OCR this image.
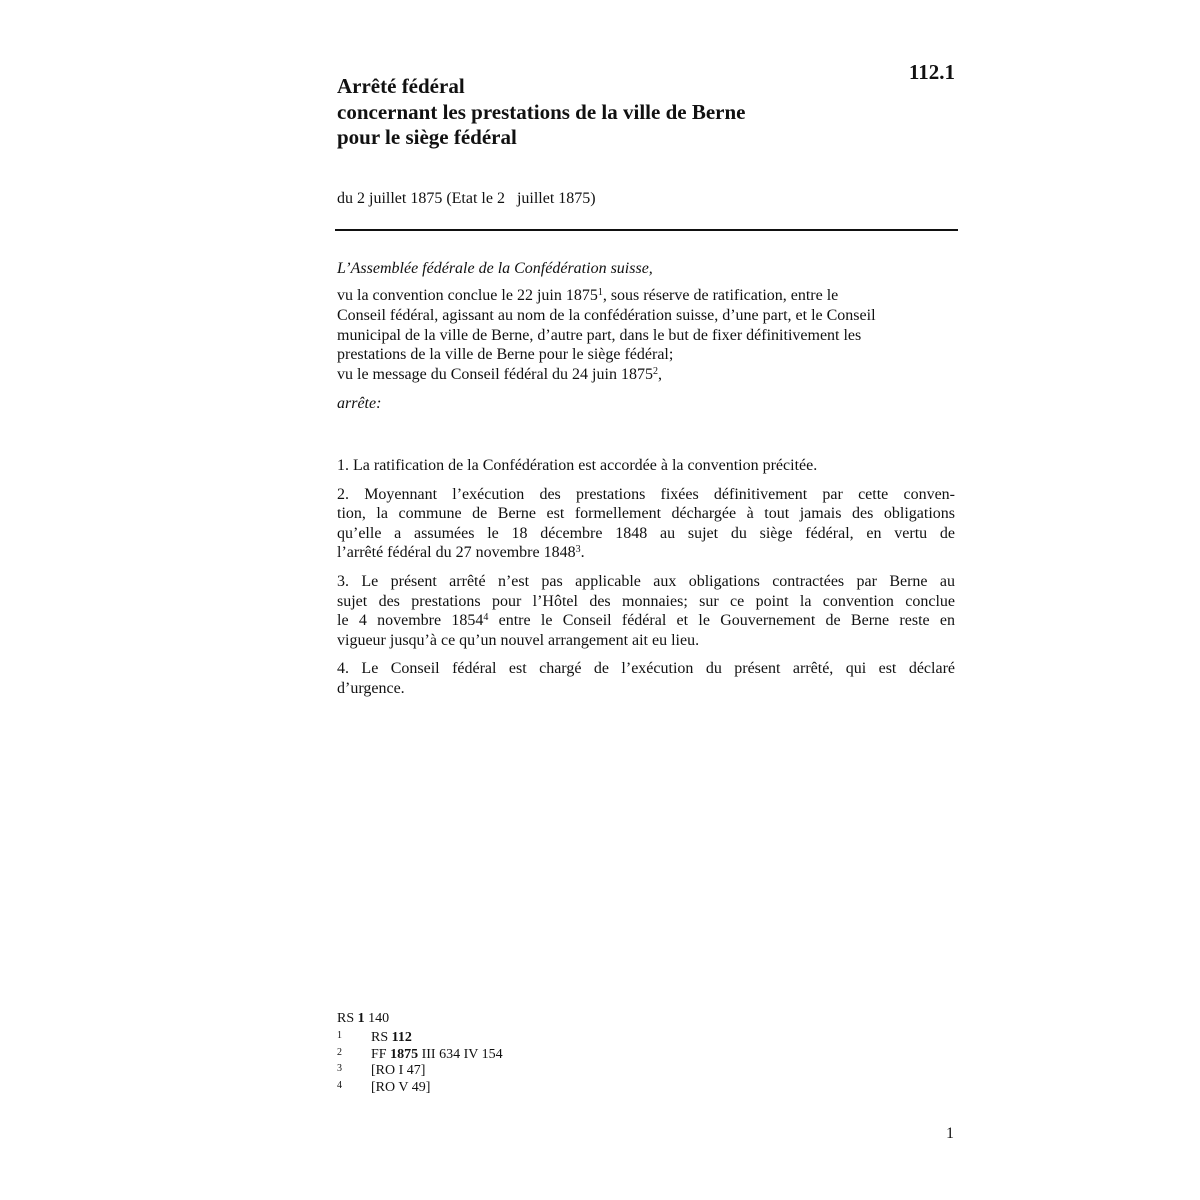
112.1
Arrêté fédéral
concernant les prestations de la ville de Berne
pour le siège fédéral
du 2 juillet 1875 (Etat le 2   juillet 1875)
L’Assemblée fédérale de la Confédération suisse,
vu la convention conclue le 22 juin 1875$^1$, sous réserve de ratification, entre le
Conseil fédéral, agissant au nom de la confédération suisse, d’une part, et le Conseil
municipal de la ville de Berne, d’autre part, dans le but de fixer définitivement les
prestations de la ville de Berne pour le siège fédéral;
vu le message du Conseil fédéral du 24 juin 1875$^2$,
arrête:

1. La ratification de la Confédération est accordée à la convention précitée.

2. Moyennant l’exécution des prestations fixées définitivement par cette conven-
tion, la commune de Berne est formellement déchargée à tout jamais des obligations
qu’elle a assumées le 18 décembre 1848 au sujet du siège fédéral, en vertu de
l’arrêté fédéral du 27 novembre 1848$^3$.

3. Le présent arrêté n’est pas applicable aux obligations contractées par Berne au
sujet des prestations pour l’Hôtel des monnaies; sur ce point la convention conclue
le 4 novembre 1854$^4$ entre le Conseil fédéral et le Gouvernement de Berne reste en
vigueur jusqu’à ce qu’un nouvel arrangement ait eu lieu.

4. Le Conseil fédéral est chargé de l’exécution du présent arrêté, qui est déclaré
d’urgence.

RS 1 140
1	RS 112
2	FF 1875 III 634 IV 154
3	[RO I 47]
4	[RO V 49]
1
